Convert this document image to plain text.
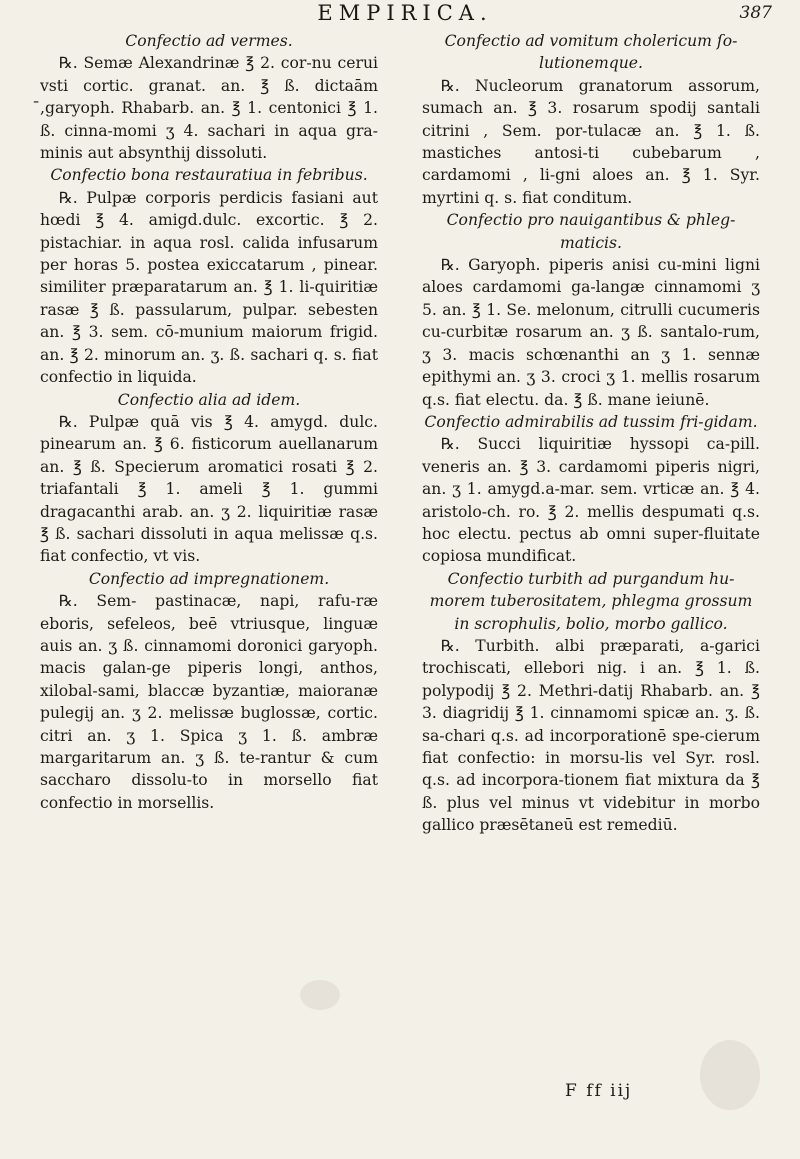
EMPIRICA.	387

Confectio ad vermes.

℞. Semæ Alexandrinæ ℥ 2. cor-nu cerui vsti cortic. granat. an. ℥ ß. dictaām ̄,garyoph. Rhabarb. an. ℥ 1. centonici ℥ 1. ß. cinna-momi ʒ 4. sachari in aqua gra-minis aut absynthij dissoluti.

Confectio bona restauratiua in febribus.

℞. Pulpæ corporis perdicis fasiani aut hœdi ℥ 4. amigd.dulc. excortic. ℥ 2. pistachiar. in aqua rosl. calida infusarum per horas 5. postea exiccatarum , pinear. similiter præparatarum an. ℥ 1. li-quiritiæ rasæ ℥ ß. passularum, pulpar. sebesten an. ℥ 3. sem. cō-munium maiorum frigid. an. ℥ 2. minorum an. ʒ. ß. sachari q. s. fiat confectio in liquida.

Confectio alia ad idem.

℞. Pulpæ quā vis ℥ 4. amygd. dulc. pinearum an. ℥ 6. fisticorum auellanarum an. ℥ ß. Specierum aromatici rosati ℥ 2. triafantali ℥ 1. ameli ℥ 1. gummi dragacanthi arab. an. ʒ 2. liquiritiæ rasæ ℥ ß. sachari dissoluti in aqua melissæ q.s. fiat confectio, vt vis.

Confectio ad impregnationem.

℞. Sem- pastinacæ, napi, rafu-ræ eboris, sefeleos, beē vtriusque, linguæ auis an. ʒ ß. cinnamomi doronici garyoph. macis galan-ge piperis longi, anthos, xilobal-sami, blaccæ byzantiæ, maioranæ pulegij an. ʒ 2. melissæ buglossæ, cortic. citri an. ʒ 1. Spica ʒ 1. ß. ambræ margaritarum an. ʒ ß. te-rantur & cum saccharo dissolu-to in morsello fiat confectio in morsellis.

Confectio ad vomitum cholericum ſo-lutionemque.

℞. Nucleorum granatorum assorum, sumach an. ℥ 3. rosarum spodij santali citrini , Sem. por-tulacæ an. ℥ 1. ß. mastiches antosi-ti cubebarum , cardamomi , li-gni aloes an. ℥ 1. Syr. myrtini q. s. fiat conditum.

Confectio pro nauigantibus & phleg-maticis.

℞. Garyoph. piperis anisi cu-mini ligni aloes cardamomi ga-langæ cinnamomi ʒ 5. an. ℥ 1. Se. melonum, citrulli cucumeris cu-curbitæ rosarum an. ʒ ß. santalo-rum, ʒ 3. macis schœnanthi an ʒ 1. sennæ epithymi an. ʒ 3. croci ʒ 1. mellis rosarum q.s. fiat electu. da. ℥ ß. mane ieiunē.

Confectio admirabilis ad tussim fri-gidam.

℞. Succi liquiritiæ hyssopi ca-pill. veneris an. ℥ 3. cardamomi piperis nigri, an. ʒ 1. amygd.a-mar. sem. vrticæ an. ℥ 4. aristolo-ch. ro. ℥ 2. mellis despumati q.s. hoc electu. pectus ab omni super-fluitate copiosa mundificat.

Confectio turbith ad purgandum hu-morem tuberositatem, phlegma grossum in scrophulis, bolio, morbo gallico.

℞. Turbith. albi præparati, a-garici trochiscati, ellebori nig. i an. ℥ 1. ß. polypodij ℥ 2. Methri-datij Rhabarb. an. ℥ 3. diagridij ℥ 1. cinnamomi spicæ an. ʒ. ß. sa-chari q.s. ad incorporationē spe-cierum fiat confectio: in morsu-lis vel Syr. rosl. q.s. ad incorpora-tionem fiat mixtura da ℥ ß. plus vel minus vt videbitur in morbo gallico præsētaneū est remediū.

F ff iij
